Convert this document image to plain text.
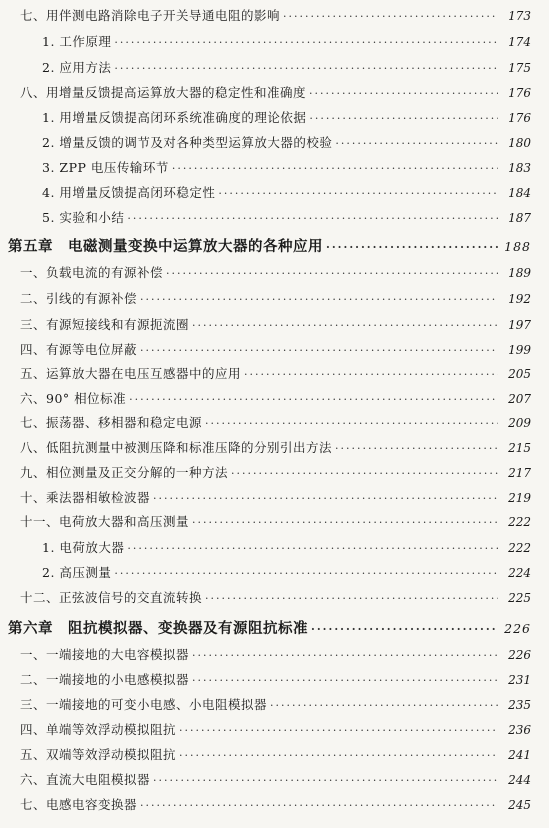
七、用伴测电路消除电子开关导通电阻的影响 ·····	173
1. 工作原理 ·····	174
2. 应用方法 ·····	175
八、用增量反馈提高运算放大器的稳定性和准确度 ·····	176
1. 用增量反馈提高闭环系统准确度的理论依据 ·····	176
2. 增量反馈的调节及对各种类型运算放大器的校验 ·····	180
3. ZPP 电压传输环节 ·····	183
4. 用增量反馈提高闭环稳定性 ·····	184
5. 实验和小结 ·····	187
第五章　电磁测量变换中运算放大器的各种应用 ·····	188
一、负载电流的有源补偿 ·····	189
二、引线的有源补偿 ·····	192
三、有源短接线和有源扼流圈 ·····	197
四、有源等电位屏蔽 ·····	199
五、运算放大器在电压互感器中的应用 ·····	205
六、90° 相位标准 ·····	207
七、振荡器、移相器和稳定电源 ·····	209
八、低阻抗测量中被测压降和标准压降的分别引出方法 ·····	215
九、相位测量及正交分解的一种方法 ·····	217
十、乘法器相敏检波器 ·····	219
十一、电荷放大器和高压测量 ·····	222
1. 电荷放大器 ·····	222
2. 高压测量 ·····	224
十二、正弦波信号的交直流转换 ·····	225
第六章　阻抗模拟器、变换器及有源阻抗标准 ·····	226
一、一端接地的大电容模拟器 ·····	226
二、一端接地的小电感模拟器 ·····	231
三、一端接地的可变小电感、小电阻模拟器 ·····	235
四、单端等效浮动模拟阻抗 ·····	236
五、双端等效浮动模拟阻抗 ·····	241
六、直流大电阻模拟器 ·····	244
七、电感电容变换器 ·····	245
